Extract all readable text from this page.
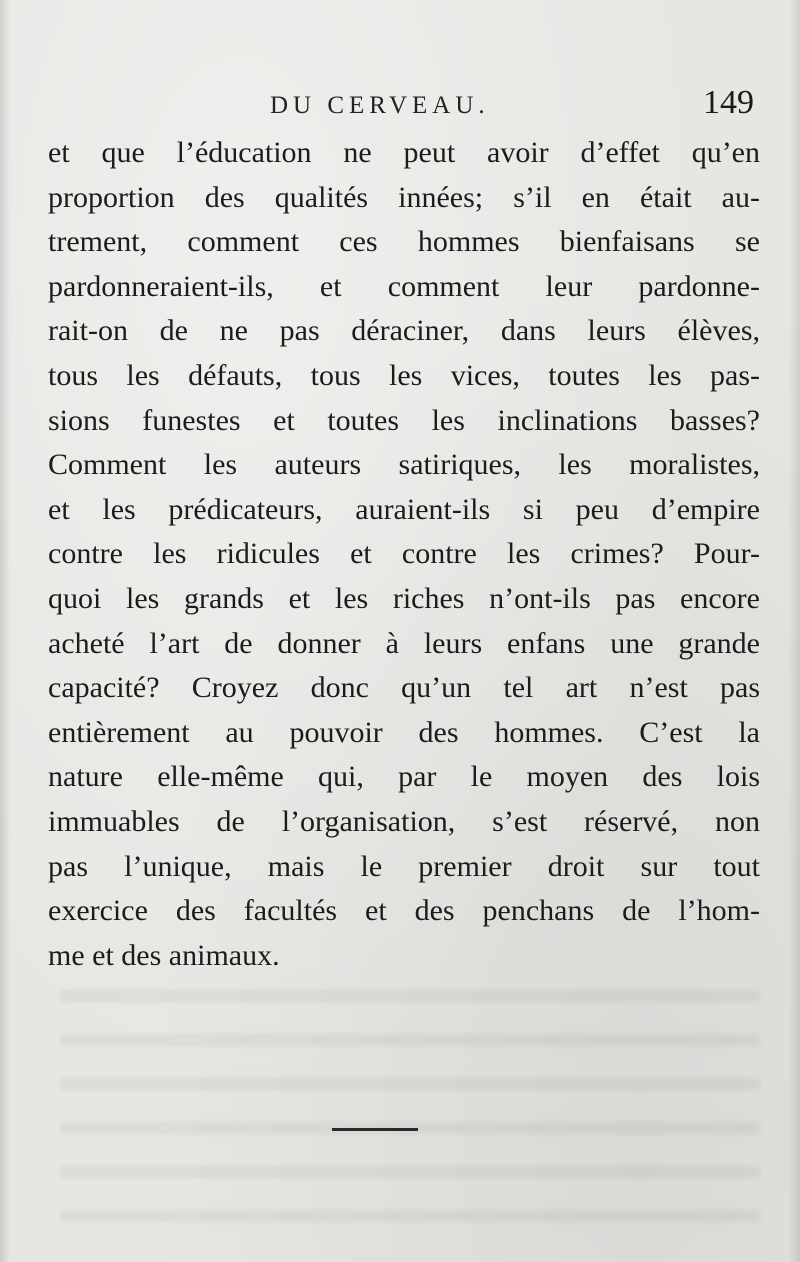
DU CERVEAU.	149
et que l’éducation ne peut avoir d’effet qu’en
proportion des qualités innées; s’il en était au-
trement, comment ces hommes bienfaisans se
pardonneraient-ils, et comment leur pardonne-
rait-on de ne pas déraciner, dans leurs élèves,
tous les défauts, tous les vices, toutes les pas-
sions funestes et toutes les inclinations basses?
Comment les auteurs satiriques, les moralistes,
et les prédicateurs, auraient-ils si peu d’empire
contre les ridicules et contre les crimes? Pour-
quoi les grands et les riches n’ont-ils pas encore
acheté l’art de donner à leurs enfans une grande
capacité? Croyez donc qu’un tel art n’est pas
entièrement au pouvoir des hommes. C’est la
nature elle-même qui, par le moyen des lois
immuables de l’organisation, s’est réservé, non
pas l’unique, mais le premier droit sur tout
exercice des facultés et des penchans de l’hom-
me et des animaux.
